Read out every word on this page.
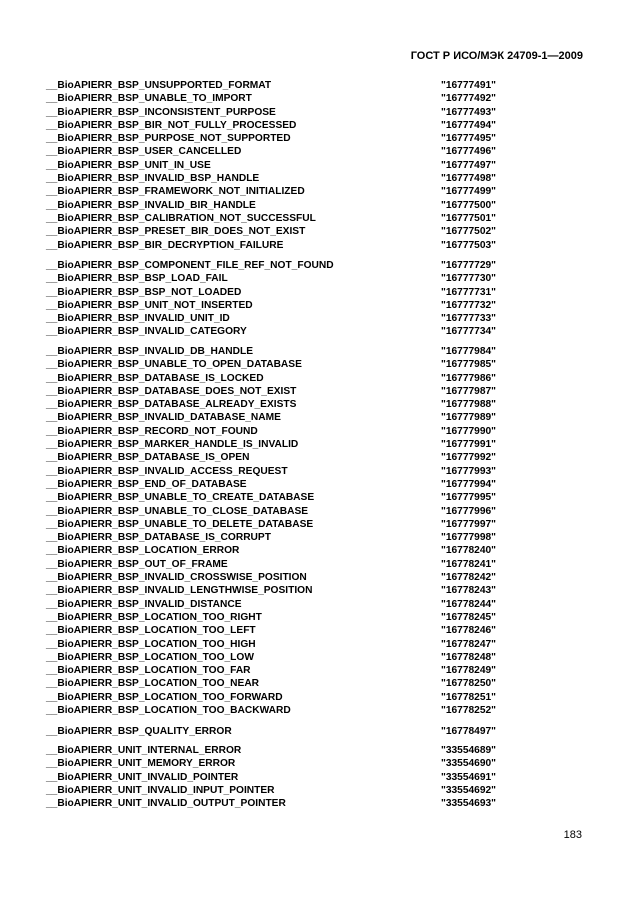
ГОСТ Р ИСО/МЭК 24709-1—2009
__BioAPIERR_BSP_UNSUPPORTED_FORMAT	"16777491"
__BioAPIERR_BSP_UNABLE_TO_IMPORT	"16777492"
__BioAPIERR_BSP_INCONSISTENT_PURPOSE	"16777493"
__BioAPIERR_BSP_BIR_NOT_FULLY_PROCESSED	"16777494"
__BioAPIERR_BSP_PURPOSE_NOT_SUPPORTED	"16777495"
__BioAPIERR_BSP_USER_CANCELLED	"16777496"
__BioAPIERR_BSP_UNIT_IN_USE	"16777497"
__BioAPIERR_BSP_INVALID_BSP_HANDLE	"16777498"
__BioAPIERR_BSP_FRAMEWORK_NOT_INITIALIZED	"16777499"
__BioAPIERR_BSP_INVALID_BIR_HANDLE	"16777500"
__BioAPIERR_BSP_CALIBRATION_NOT_SUCCESSFUL	"16777501"
__BioAPIERR_BSP_PRESET_BIR_DOES_NOT_EXIST	"16777502"
__BioAPIERR_BSP_BIR_DECRYPTION_FAILURE	"16777503"
__BioAPIERR_BSP_COMPONENT_FILE_REF_NOT_FOUND	"16777729"
__BioAPIERR_BSP_BSP_LOAD_FAIL	"16777730"
__BioAPIERR_BSP_BSP_NOT_LOADED	"16777731"
__BioAPIERR_BSP_UNIT_NOT_INSERTED	"16777732"
__BioAPIERR_BSP_INVALID_UNIT_ID	"16777733"
__BioAPIERR_BSP_INVALID_CATEGORY	"16777734"
__BioAPIERR_BSP_INVALID_DB_HANDLE	"16777984"
__BioAPIERR_BSP_UNABLE_TO_OPEN_DATABASE	"16777985"
__BioAPIERR_BSP_DATABASE_IS_LOCKED	"16777986"
__BioAPIERR_BSP_DATABASE_DOES_NOT_EXIST	"16777987"
__BioAPIERR_BSP_DATABASE_ALREADY_EXISTS	"16777988"
__BioAPIERR_BSP_INVALID_DATABASE_NAME	"16777989"
__BioAPIERR_BSP_RECORD_NOT_FOUND	"16777990"
__BioAPIERR_BSP_MARKER_HANDLE_IS_INVALID	"16777991"
__BioAPIERR_BSP_DATABASE_IS_OPEN	"16777992"
__BioAPIERR_BSP_INVALID_ACCESS_REQUEST	"16777993"
__BioAPIERR_BSP_END_OF_DATABASE	"16777994"
__BioAPIERR_BSP_UNABLE_TO_CREATE_DATABASE	"16777995"
__BioAPIERR_BSP_UNABLE_TO_CLOSE_DATABASE	"16777996"
__BioAPIERR_BSP_UNABLE_TO_DELETE_DATABASE	"16777997"
__BioAPIERR_BSP_DATABASE_IS_CORRUPT	"16777998"
__BioAPIERR_BSP_LOCATION_ERROR	"16778240"
__BioAPIERR_BSP_OUT_OF_FRAME	"16778241"
__BioAPIERR_BSP_INVALID_CROSSWISE_POSITION	"16778242"
__BioAPIERR_BSP_INVALID_LENGTHWISE_POSITION	"16778243"
__BioAPIERR_BSP_INVALID_DISTANCE	"16778244"
__BioAPIERR_BSP_LOCATION_TOO_RIGHT	"16778245"
__BioAPIERR_BSP_LOCATION_TOO_LEFT	"16778246"
__BioAPIERR_BSP_LOCATION_TOO_HIGH	"16778247"
__BioAPIERR_BSP_LOCATION_TOO_LOW	"16778248"
__BioAPIERR_BSP_LOCATION_TOO_FAR	"16778249"
__BioAPIERR_BSP_LOCATION_TOO_NEAR	"16778250"
__BioAPIERR_BSP_LOCATION_TOO_FORWARD	"16778251"
__BioAPIERR_BSP_LOCATION_TOO_BACKWARD	"16778252"
__BioAPIERR_BSP_QUALITY_ERROR	"16778497"
__BioAPIERR_UNIT_INTERNAL_ERROR	"33554689"
__BioAPIERR_UNIT_MEMORY_ERROR	"33554690"
__BioAPIERR_UNIT_INVALID_POINTER	"33554691"
__BioAPIERR_UNIT_INVALID_INPUT_POINTER	"33554692"
__BioAPIERR_UNIT_INVALID_OUTPUT_POINTER	"33554693"
183
